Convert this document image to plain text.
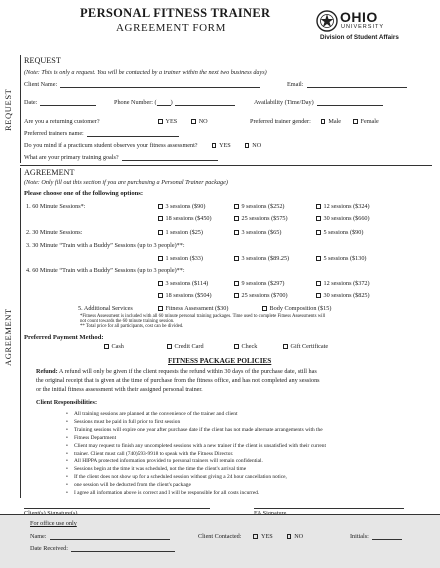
PERSONAL FITNESS TRAINER
AGREEMENT FORM
OHIO
UNIVERSITY
Division of Student Affairs
REQUEST
REQUEST
(Note: This is only a request. You will be contacted by a trainer within the next two business days)
Client Name:	Email:
Date:	Phone Number: ( )	Availability (Time/Day)
Are you a returning customer?	YES	NO	Preferred trainer gender:	Male	Female
Preferred trainers name:
Do you mind if a practicum student observes your fitness assessment?	YES	NO
What are your primary training goals?
AGREEMENT
AGREEMENT
(Note: Only fill out this section if you are purchasing a Personal Trainer package)
Please choose one of the following options:
1. 60 Minute Sessions*:	3 sessions ($90)	9 sessions ($252)	12 sessions ($324)
18 sessions ($450)	25 sessions ($575)	30 sessions ($660)
2. 30 Minute Sessions:	1 session ($25)	3 sessions ($65)	5 sessions ($90)
3. 30 Minute “Train with a Buddy” Sessions (up to 3 people)**:
1 session ($33)	3 sessions ($89.25)	5 sessions ($130)
4. 60 Minute “Train with a Buddy” Sessions (up to 3 people)**:
3 sessions ($114)	9 sessions ($297)	12 sessions ($372)
18 sessions ($504)	25 sessions ($700)	30 sessions ($825)
5. Additional Services	Fitness Assessment ($30)	Body Composition ($15)
*Fitness Assessment is included with all 60 minute personal training packages. Time used to complete Fitness Assessments will
not count towards the 60 minute training session.
** Total price for all participants, cost can be divided.
Preferred Payment Method:
Cash	Credit Card	Check	Gift Certificate
FITNESS PACKAGE POLICIES
Refund: A refund will only be given if the client requests the refund within 30 days of the purchase date, still has
the original receipt that is given at the time of purchase from the fitness office, and has not completed any sessions
or the initial fitness assessment with their assigned personal trainer.
Client Responsibilities:
• All training sessions are planned at the convenience of the trainer and client
• Sessions must be paid in full prior to first session
• Training sessions will expire one year after purchase date if the client has not made alternate arrangements with the
• Fitness Department
• Client may request to finish any uncompleted sessions with a new trainer if the client is unsatisfied with their current
• trainer. Client must call (740)593-9918 to speak with the Fitness Director.
• All HIPPA protected information provided to personal trainers will remain confidential.
• Sessions begin at the time it was scheduled, not the time the client's arrival time
• If the client does not show up for a scheduled session without giving a 24 hour cancellation notice,
• one session will be deducted from the client's package
• I agree all information above is correct and I will be responsible for all costs incurred.
For office use only
Name:	Client Contacted:	YES	NO	Initials:
Date Received:
